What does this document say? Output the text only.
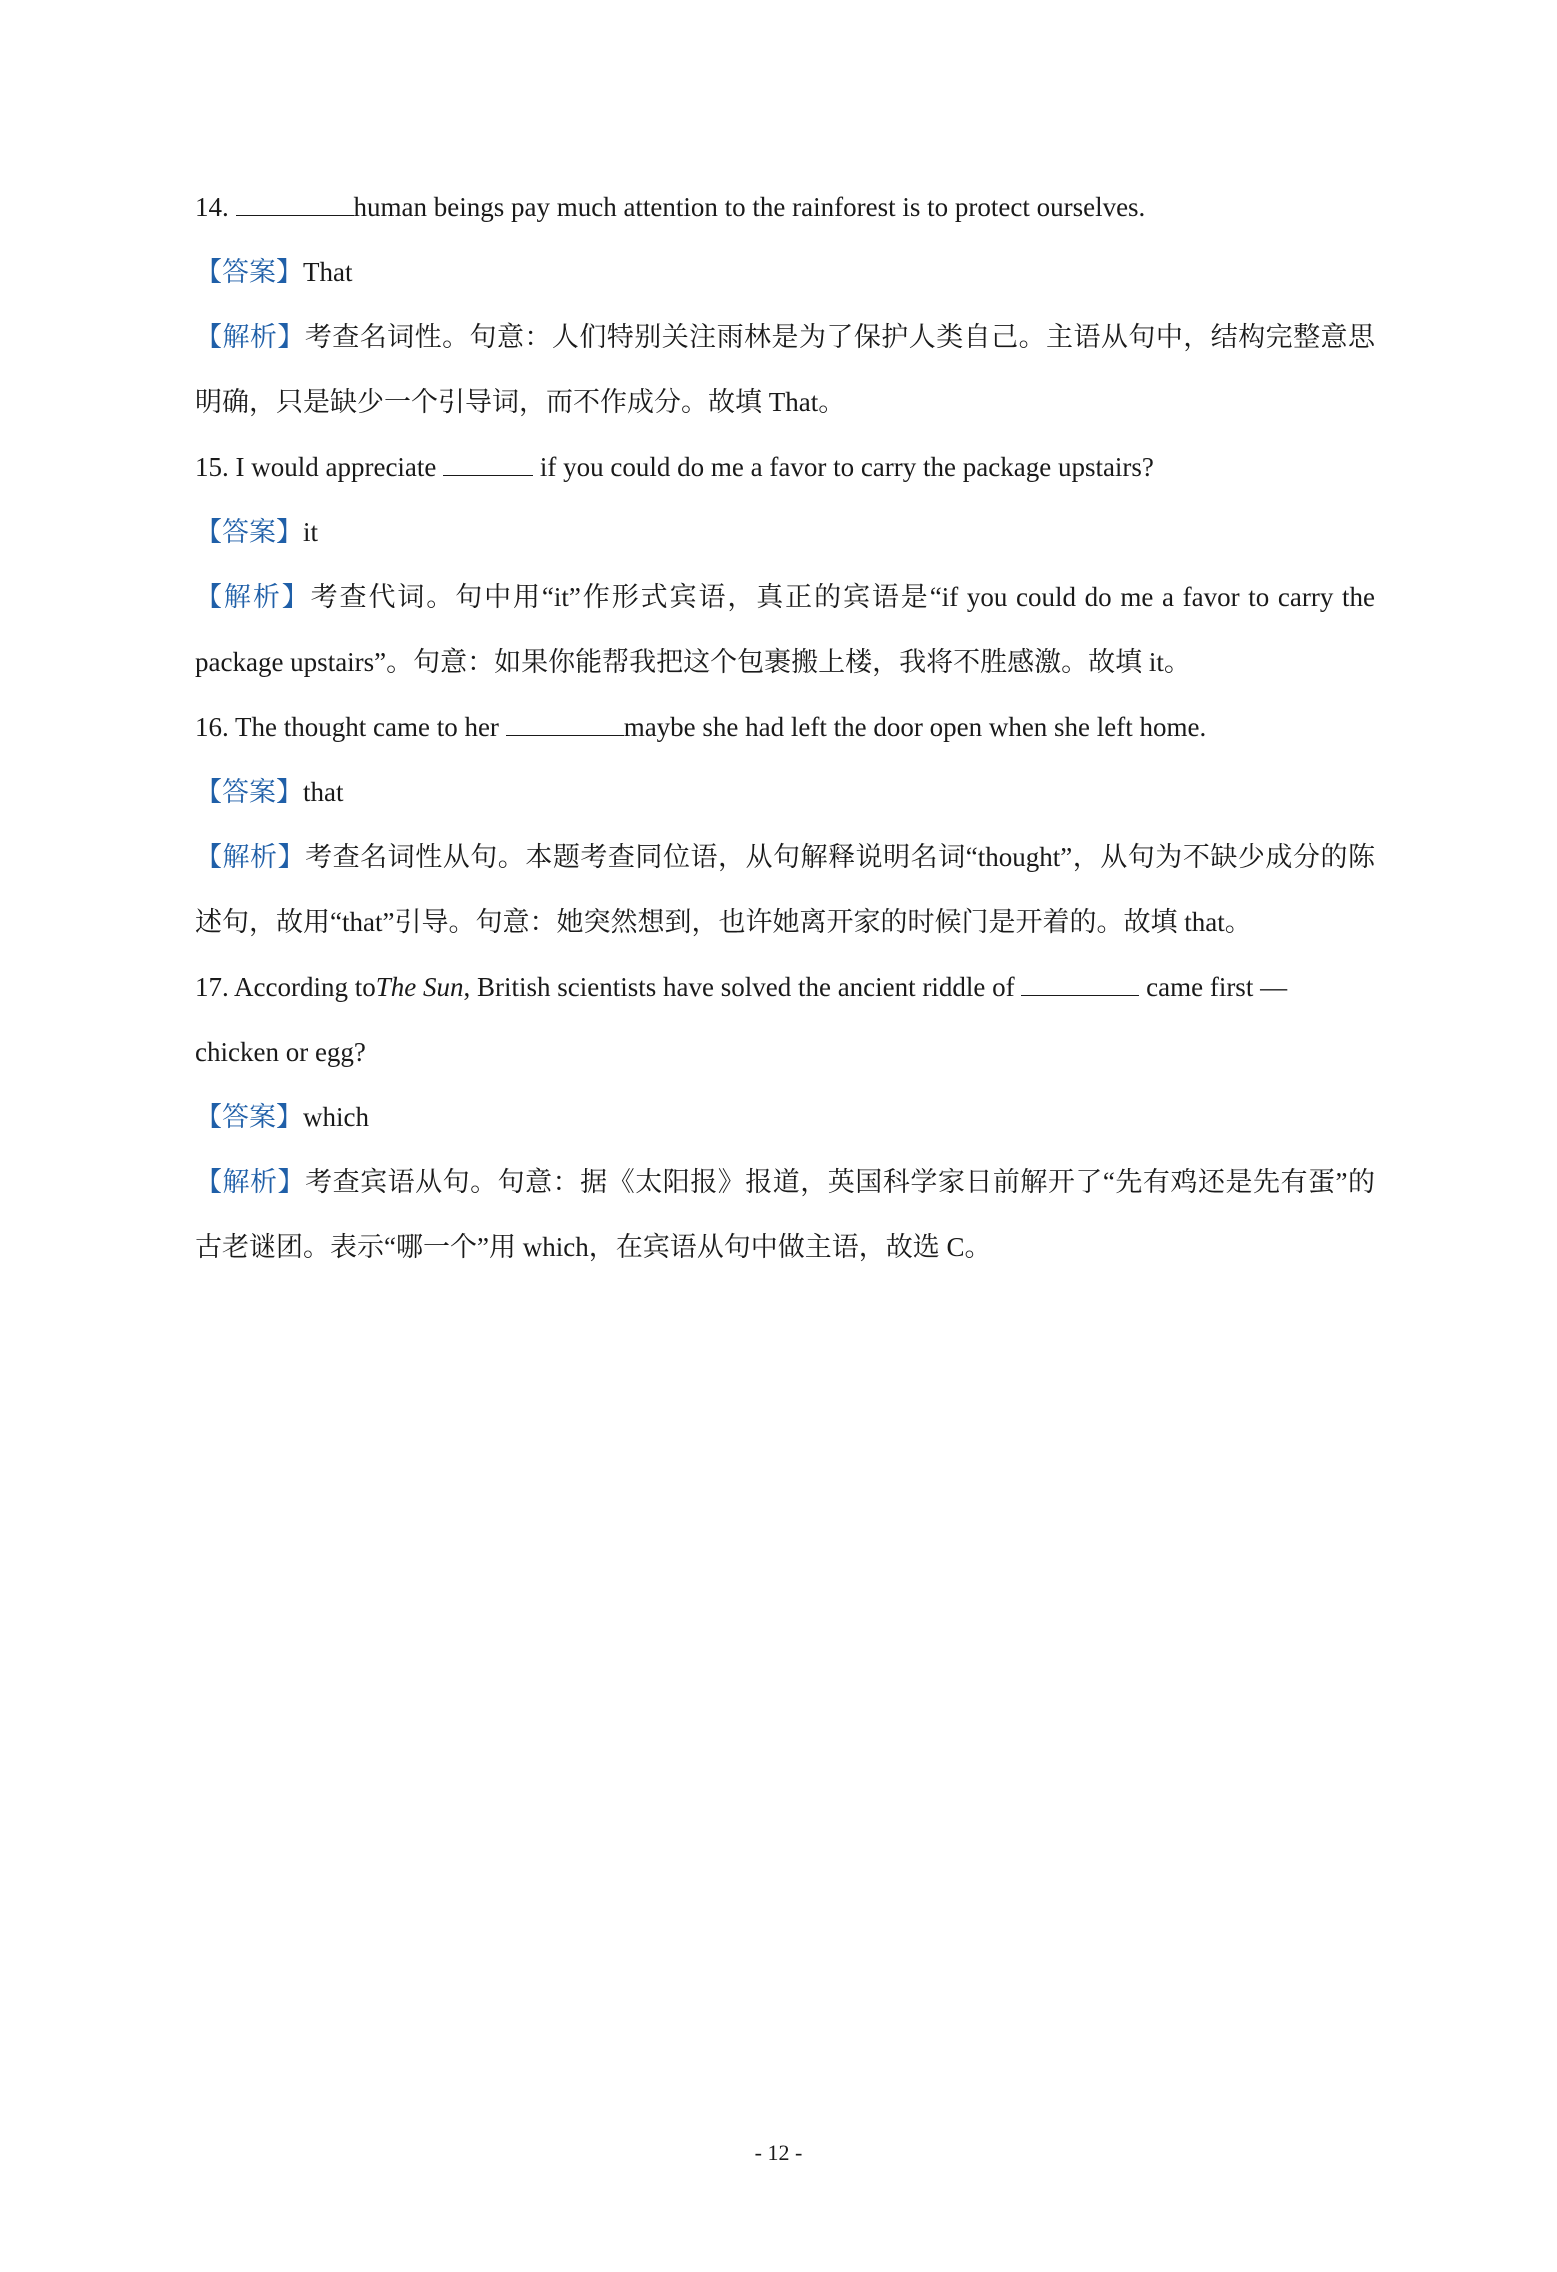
14.	human beings pay much attention to the rainforest is to protect ourselves.
【答案】That
【解析】考查名词性。句意：人们特别关注雨林是为了保护人类自己。主语从句中，结构完整意思明确，只是缺少一个引导词，而不作成分。故填 That。
15. I would appreciate	if you could do me a favor to carry the package upstairs?
【答案】it
【解析】考查代词。句中用“it”作形式宾语，真正的宾语是“if you could do me a favor to carry the package upstairs”。句意：如果你能帮我把这个包裹搬上楼，我将不胜感激。故填 it。
16. The thought came to her	maybe she had left the door open when she left home.
【答案】that
【解析】考查名词性从句。本题考查同位语，从句解释说明名词“thought”，从句为不缺少成分的陈述句，故用“that”引导。句意：她突然想到，也许她离开家的时候门是开着的。故填 that。
17. According toThe Sun, British scientists have solved the ancient riddle of	came first —
chicken or egg?
【答案】which
【解析】考查宾语从句。句意：据《太阳报》报道，英国科学家日前解开了“先有鸡还是先有蛋”的古老谜团。表示“哪一个”用 which，在宾语从句中做主语，故选 C。
- 12 -
